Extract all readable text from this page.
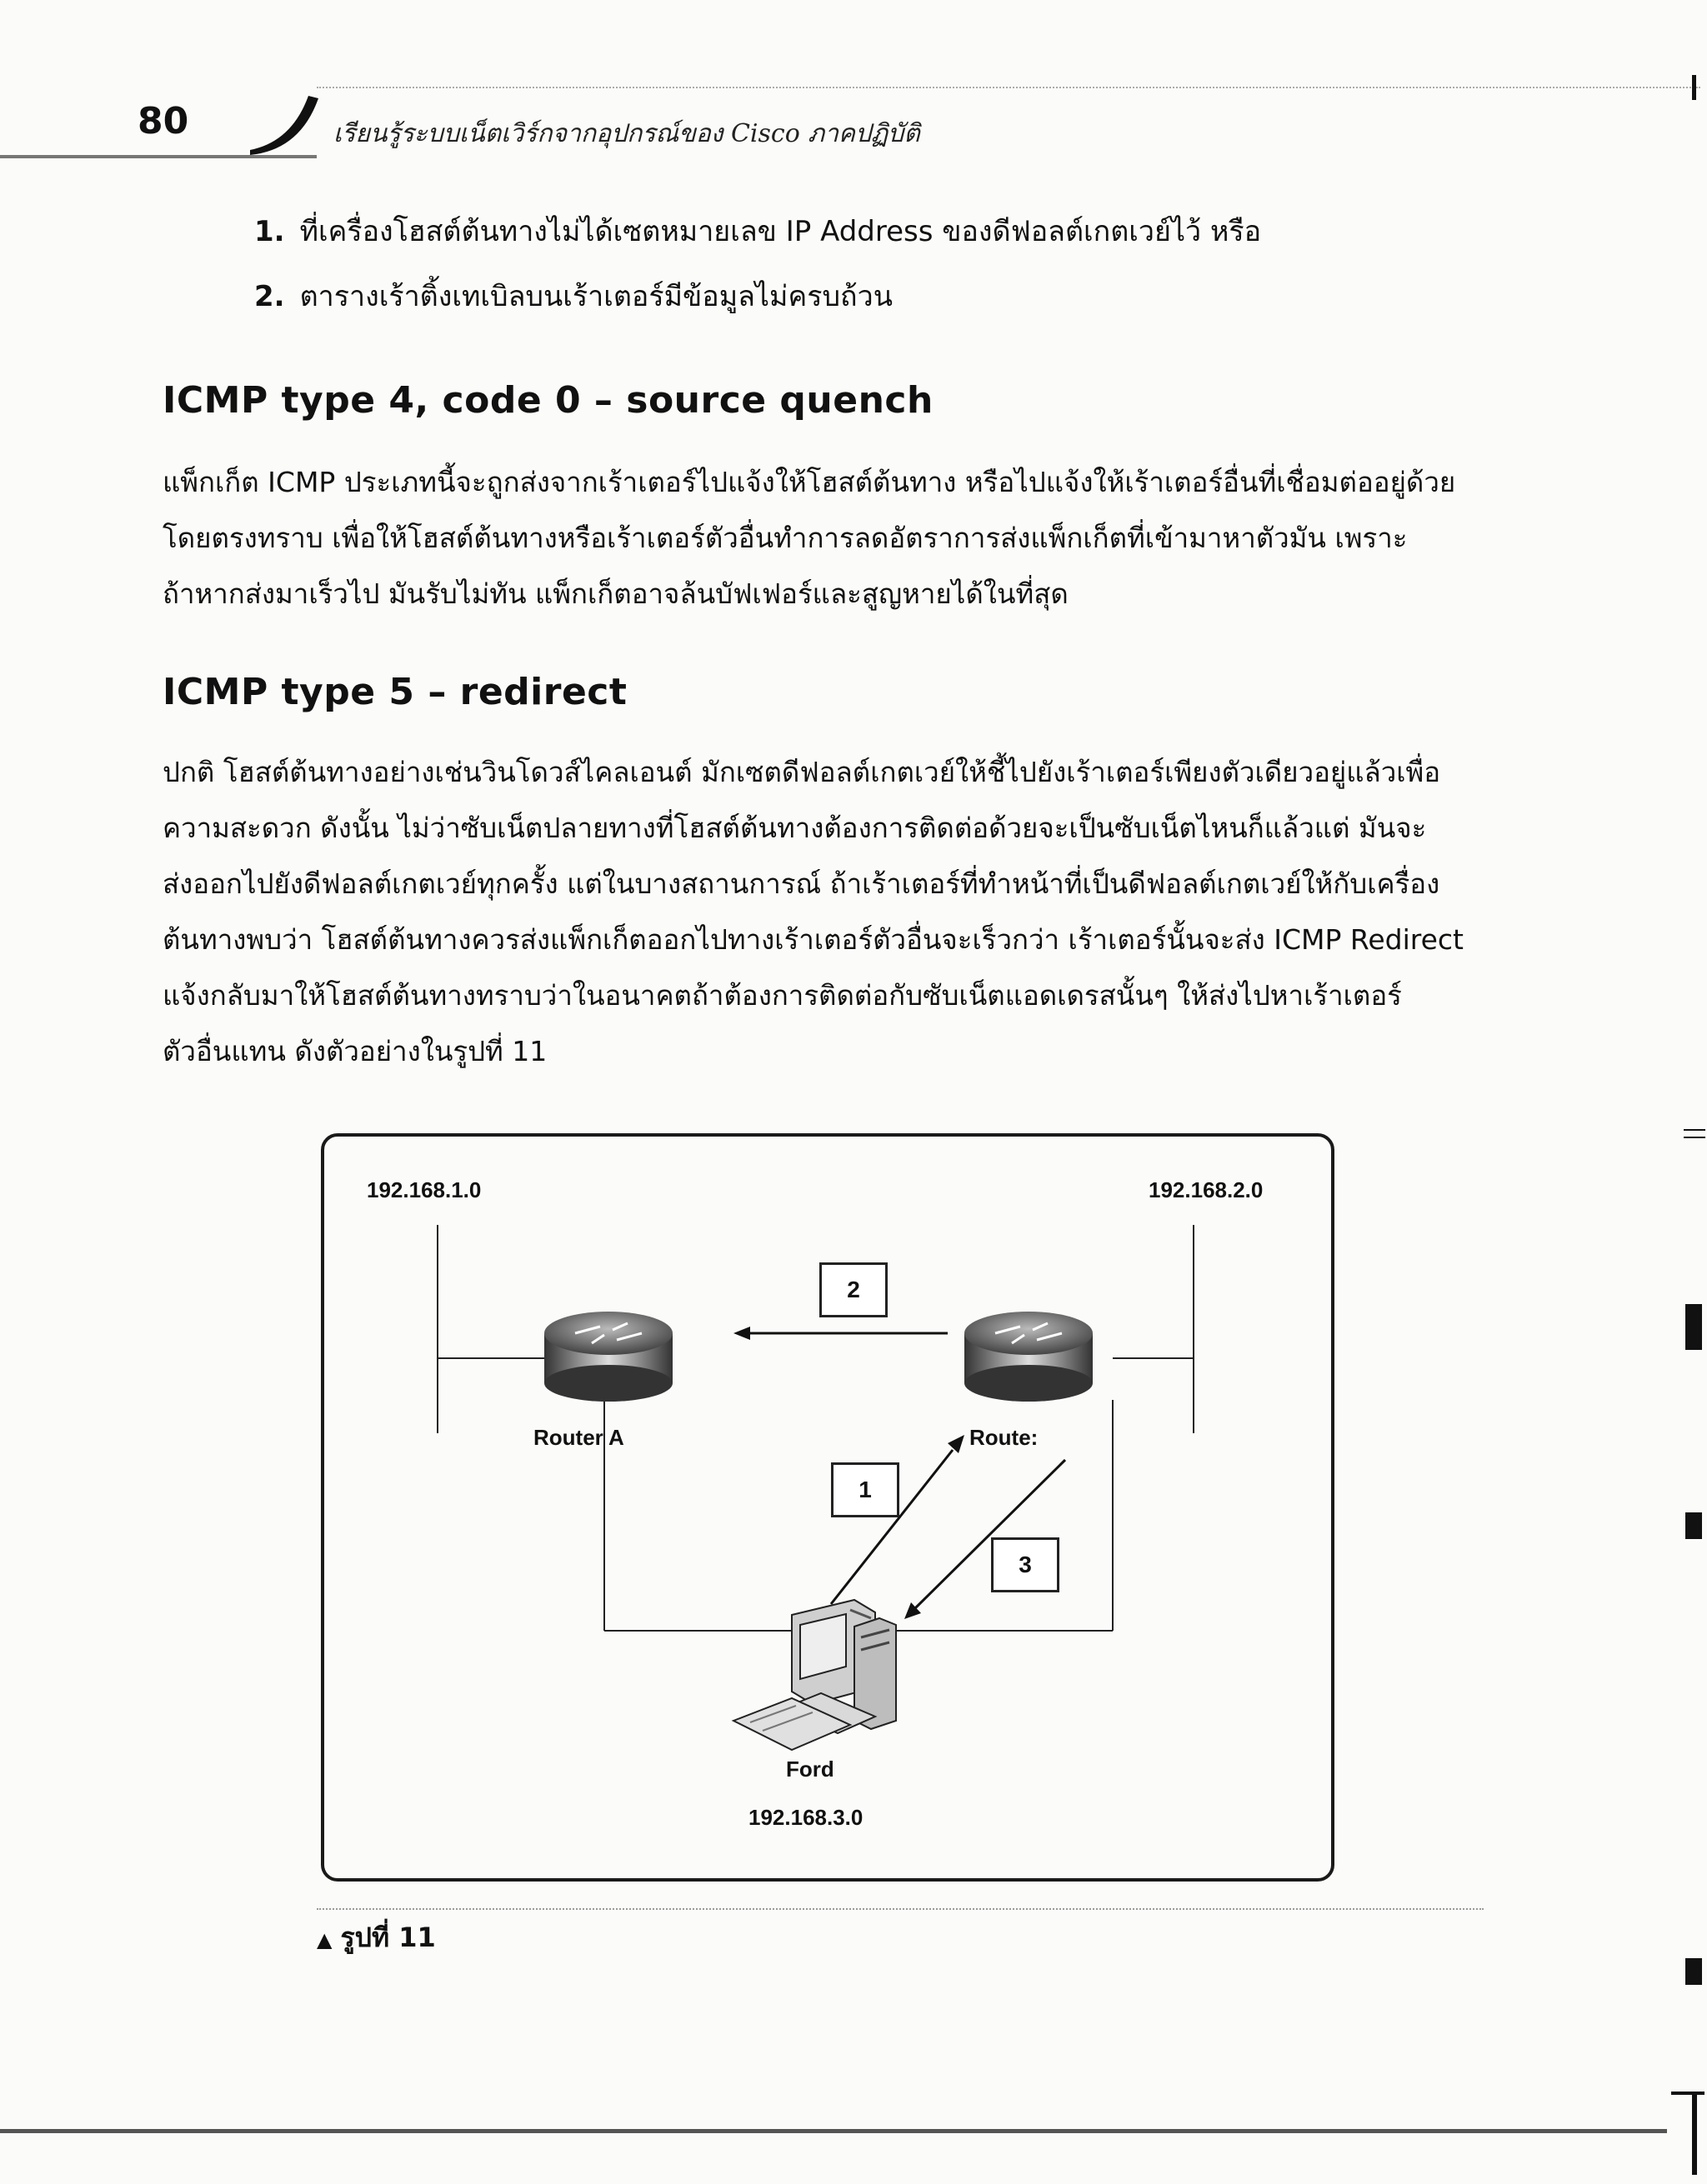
80	เรียนรู้ระบบเน็ตเวิร์กจากอุปกรณ์ของ Cisco ภาคปฏิบัติ
1. ที่เครื่องโฮสต์ต้นทางไม่ได้เซตหมายเลข IP Address ของดีฟอลต์เกตเวย์ไว้ หรือ
2. ตารางเร้าติ้งเทเบิลบนเร้าเตอร์มีข้อมูลไม่ครบถ้วน
ICMP type 4, code 0 – source quench

แพ็กเก็ต ICMP ประเภทนี้จะถูกส่งจากเร้าเตอร์ไปแจ้งให้โฮสต์ต้นทาง หรือไปแจ้งให้เร้าเตอร์อื่นที่เชื่อมต่ออยู่ด้วย

โดยตรงทราบ เพื่อให้โฮสต์ต้นทางหรือเร้าเตอร์ตัวอื่นทำการลดอัตราการส่งแพ็กเก็ตที่เข้ามาหาตัวมัน เพราะ

ถ้าหากส่งมาเร็วไป มันรับไม่ทัน แพ็กเก็ตอาจล้นบัฟเฟอร์และสูญหายได้ในที่สุด

ICMP type 5 – redirect

ปกติ โฮสต์ต้นทางอย่างเช่นวินโดวส์ไคลเอนต์ มักเซตดีฟอลต์เกตเวย์ให้ชี้ไปยังเร้าเตอร์เพียงตัวเดียวอยู่แล้วเพื่อ

ความสะดวก ดังนั้น ไม่ว่าซับเน็ตปลายทางที่โฮสต์ต้นทางต้องการติดต่อด้วยจะเป็นซับเน็ตไหนก็แล้วแต่ มันจะ

ส่งออกไปยังดีฟอลต์เกตเวย์ทุกครั้ง แต่ในบางสถานการณ์ ถ้าเร้าเตอร์ที่ทำหน้าที่เป็นดีฟอลต์เกตเวย์ให้กับเครื่อง

ต้นทางพบว่า โฮสต์ต้นทางควรส่งแพ็กเก็ตออกไปทางเร้าเตอร์ตัวอื่นจะเร็วกว่า เร้าเตอร์นั้นจะส่ง ICMP Redirect

แจ้งกลับมาให้โฮสต์ต้นทางทราบว่าในอนาคตถ้าต้องการติดต่อกับซับเน็ตแอดเดรสนั้นๆ ให้ส่งไปหาเร้าเตอร์

ตัวอื่นแทน ดังตัวอย่างในรูปที่ 11

192.168.1.0	192.168.2.0
Router A	Route:
Ford
192.168.3.0
2
1
3
▲ รูปที่ 11
